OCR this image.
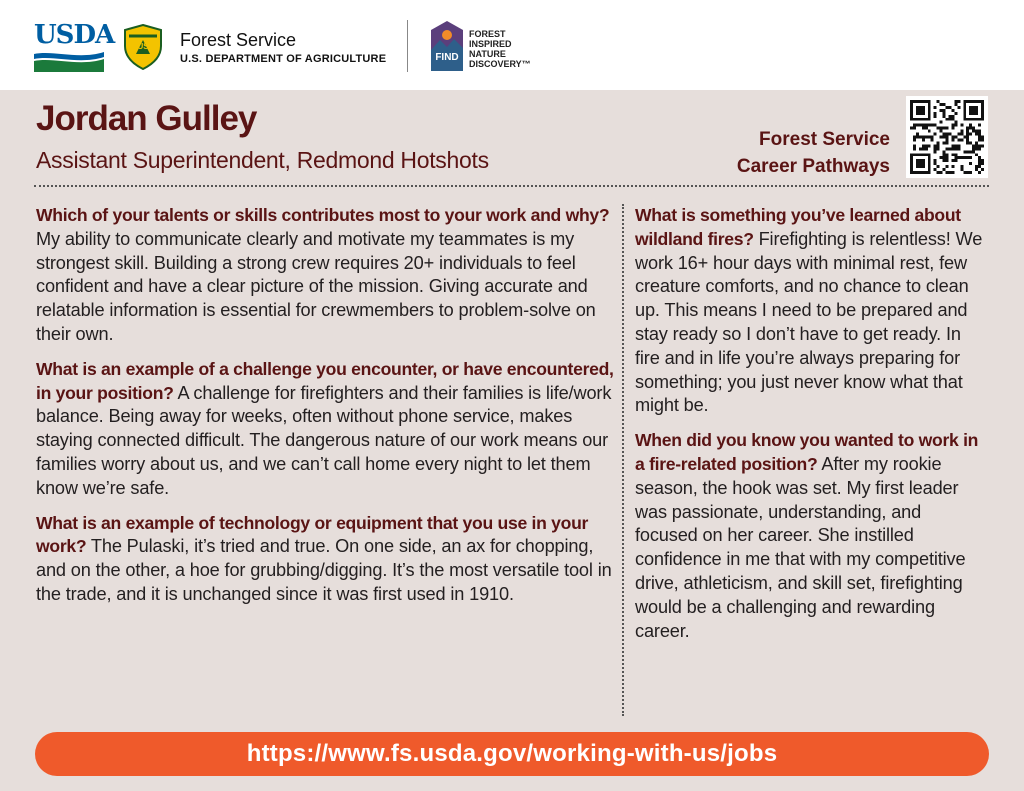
USDA	US Forest Service
U.S. DEPARTMENT OF AGRICULTURE	FIND
FOREST INSPIRED NATURE DISCOVERY™
Jordan Gulley
Assistant Superintendent, Redmond Hotshots
Forest Service
Career Pathways

Which of your talents or skills contributes most to your work and why? My ability to communicate clearly and motivate my teammates is my strongest skill. Building a strong crew requires 20+ individuals to feel confident and have a clear picture of the mission. Giving accurate and relatable information is essential for crewmembers to problem-solve on their own.

What is an example of a challenge you encounter, or have encountered, in your position? A challenge for firefighters and their families is life/work balance. Being away for weeks, often without phone service, makes staying connected difficult. The dangerous nature of our work means our families worry about us, and we can’t call home every night to let them know we’re safe.

What is an example of technology or equipment that you use in your work? The Pulaski, it’s tried and true. On one side, an ax for chopping, and on the other, a hoe for grubbing/digging. It’s the most versatile tool in the trade, and it is unchanged since it was first used in 1910.

What is something you’ve learned about wildland fires? Firefighting is relentless! We work 16+ hour days with minimal rest, few creature comforts, and no chance to clean up. This means I need to be prepared and stay ready so I don’t have to get ready. In fire and in life you’re always preparing for something; you just never know what that might be.

When did you know you wanted to work in a fire-related position? After my rookie season, the hook was set. My first leader was passionate, understanding, and focused on her career. She instilled confidence in me that with my competitive drive, athleticism, and skill set, firefighting would be a challenging and rewarding career.

https://www.fs.usda.gov/working-with-us/jobs
